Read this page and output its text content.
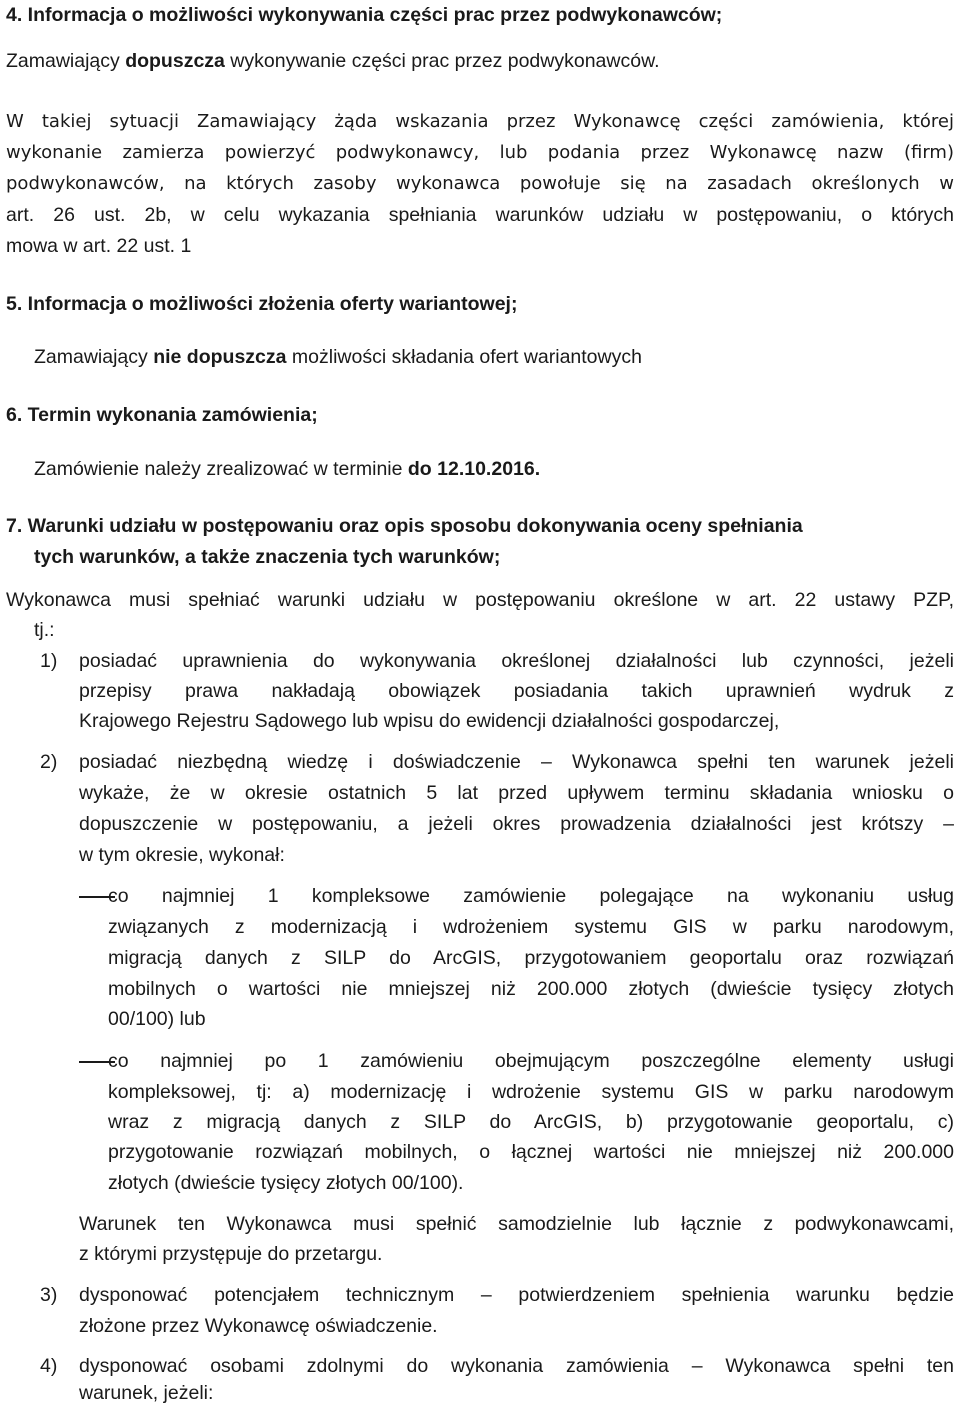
4. Informacja o możliwości wykonywania części prac przez podwykonawców;
Zamawiający dopuszcza wykonywanie części prac przez podwykonawców.
W takiej sytuacji Zamawiający żąda wskazania przez Wykonawcę części zamówienia, której
wykonanie zamierza powierzyć podwykonawcy, lub podania przez Wykonawcę nazw (firm)
podwykonawców, na których zasoby wykonawca powołuje się na zasadach określonych w
art. 26 ust. 2b, w celu wykazania spełniania warunków udziału w postępowaniu, o których
mowa w art. 22 ust. 1
5. Informacja o możliwości złożenia oferty wariantowej;
Zamawiający nie dopuszcza możliwości składania ofert wariantowych
6. Termin wykonania zamówienia;
Zamówienie należy zrealizować w terminie do 12.10.2016.
7. Warunki udziału w postępowaniu oraz opis sposobu dokonywania oceny spełniania
tych warunków, a także znaczenia tych warunków;
Wykonawca musi spełniać warunki udziału w postępowaniu określone w art. 22 ustawy PZP,
tj.:
1) posiadać uprawnienia do wykonywania określonej działalności lub czynności, jeżeli
przepisy prawa nakładają obowiązek posiadania takich uprawnień wydruk z
Krajowego Rejestru Sądowego lub wpisu do ewidencji działalności gospodarczej,
2) posiadać niezbędną wiedzę i doświadczenie – Wykonawca spełni ten warunek jeżeli
wykaże, że w okresie ostatnich 5 lat przed upływem terminu składania wniosku o
dopuszczenie w postępowaniu, a jeżeli okres prowadzenia działalności jest krótszy –
w tym okresie, wykonał:
co najmniej 1 kompleksowe zamówienie polegające na wykonaniu usług
związanych z modernizacją i wdrożeniem systemu GIS w parku narodowym,
migracją danych z SILP do ArcGIS, przygotowaniem geoportalu oraz rozwiązań
mobilnych o wartości nie mniejszej niż 200.000 złotych (dwieście tysięcy złotych
00/100) lub
co najmniej po 1 zamówieniu obejmującym poszczególne elementy usługi
kompleksowej, tj: a) modernizację i wdrożenie systemu GIS w parku narodowym
wraz z migracją danych z SILP do ArcGIS, b) przygotowanie geoportalu, c)
przygotowanie rozwiązań mobilnych, o łącznej wartości nie mniejszej niż 200.000
złotych (dwieście tysięcy złotych 00/100).
Warunek ten Wykonawca musi spełnić samodzielnie lub łącznie z podwykonawcami,
z którymi przystępuje do przetargu.
3) dysponować potencjałem technicznym – potwierdzeniem spełnienia warunku będzie
złożone przez Wykonawcę oświadczenie.
4) dysponować osobami zdolnymi do wykonania zamówienia – Wykonawca spełni ten
warunek, jeżeli:
